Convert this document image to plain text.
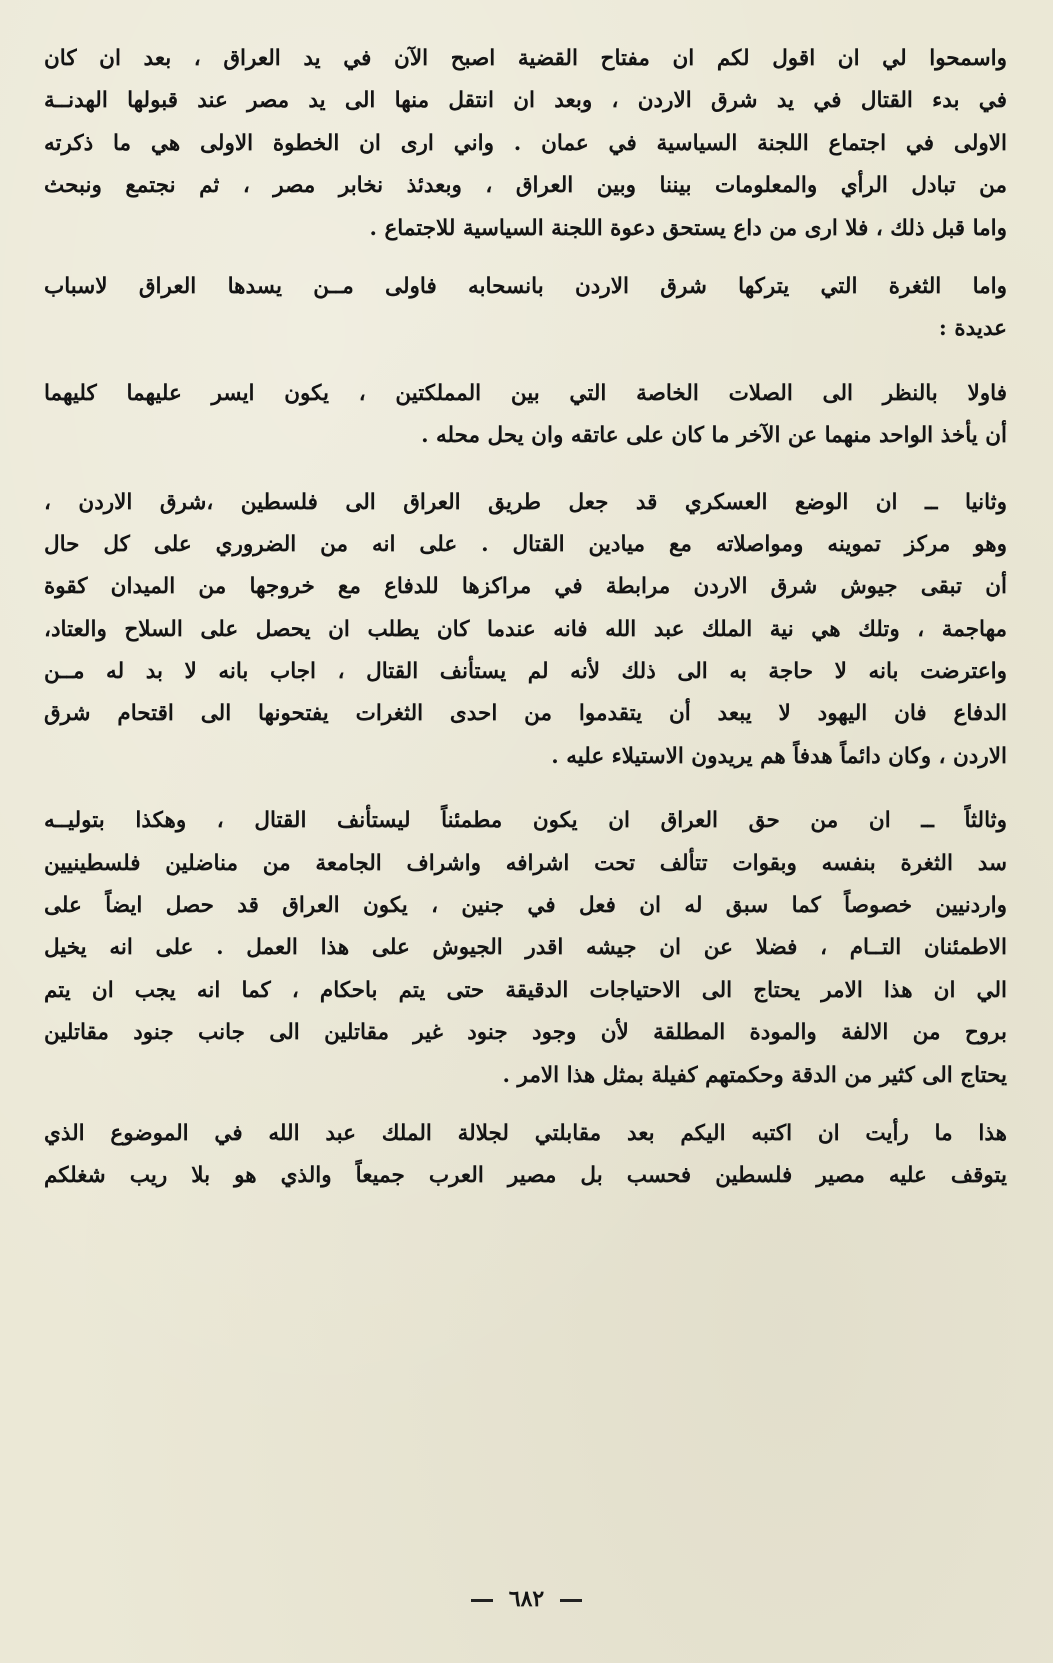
واسمحوا لي ان اقول لكم ان مفتاح القضية اصبح الآن في يد العراق ، بعد ان كان
في بدء القتال في يد شرق الاردن ، وبعد ان انتقل منها الى يد مصر عند قبولها الهدنــة
الاولى في اجتماع اللجنة السياسية في عمان . واني ارى ان الخطوة الاولى هي ما ذكرته
من تبادل الرأي والمعلومات بيننا وبين العراق ، وبعدئذ نخابر مصر ، ثم نجتمع ونبحث
واما قبل ذلك ، فلا ارى من داع يستحق دعوة اللجنة السياسية للاجتماع .
واما الثغرة التي يتركها شرق الاردن بانسحابه فاولى مــن يسدها العراق لاسباب
عديدة :
فاولا بالنظر الى الصلات الخاصة التي بين المملكتين ، يكون ايسر عليهما كليهما
أن يأخذ الواحد منهما عن الآخر ما كان على عاتقه وان يحل محله .
وثانيا ــ ان الوضع العسكري قد جعل طريق العراق الى فلسطين ،شرق الاردن ،
وهو مركز تموينه ومواصلاته مع ميادين القتال . على انه من الضروري على كل حال
أن تبقى جيوش شرق الاردن مرابطة في مراكزها للدفاع مع خروجها من الميدان كقوة
مهاجمة ، وتلك هي نية الملك عبد الله فانه عندما كان يطلب ان يحصل على السلاح والعتاد،
واعترضت بانه لا حاجة به الى ذلك لأنه لم يستأنف القتال ، اجاب بانه لا بد له مــن
الدفاع فان اليهود لا يبعد أن يتقدموا من احدى الثغرات يفتحونها الى اقتحام شرق
الاردن ، وكان دائماً هدفاً هم يريدون الاستيلاء عليه .
وثالثاً ــ ان من حق العراق ان يكون مطمئناً ليستأنف القتال ، وهكذا بتوليــه
سد الثغرة بنفسه وبقوات تتألف تحت اشرافه واشراف الجامعة من مناضلين فلسطينيين
واردنيين خصوصاً كما سبق له ان فعل في جنين ، يكون العراق قد حصل ايضاً على
الاطمئنان التــام ، فضلا عن ان جيشه اقدر الجيوش على هذا العمل . على انه يخيل
الي ان هذا الامر يحتاج الى الاحتياجات الدقيقة حتى يتم باحكام ، كما انه يجب ان يتم
بروح من الالفة والمودة المطلقة لأن وجود جنود غير مقاتلين الى جانب جنود مقاتلين
يحتاج الى كثير من الدقة وحكمتهم كفيلة بمثل هذا الامر .
هذا ما رأيت ان اكتبه اليكم بعد مقابلتي لجلالة الملك عبد الله في الموضوع الذي
يتوقف عليه مصير فلسطين فحسب بل مصير العرب جميعاً والذي هو بلا ريب شغلكم
٦٨٢
